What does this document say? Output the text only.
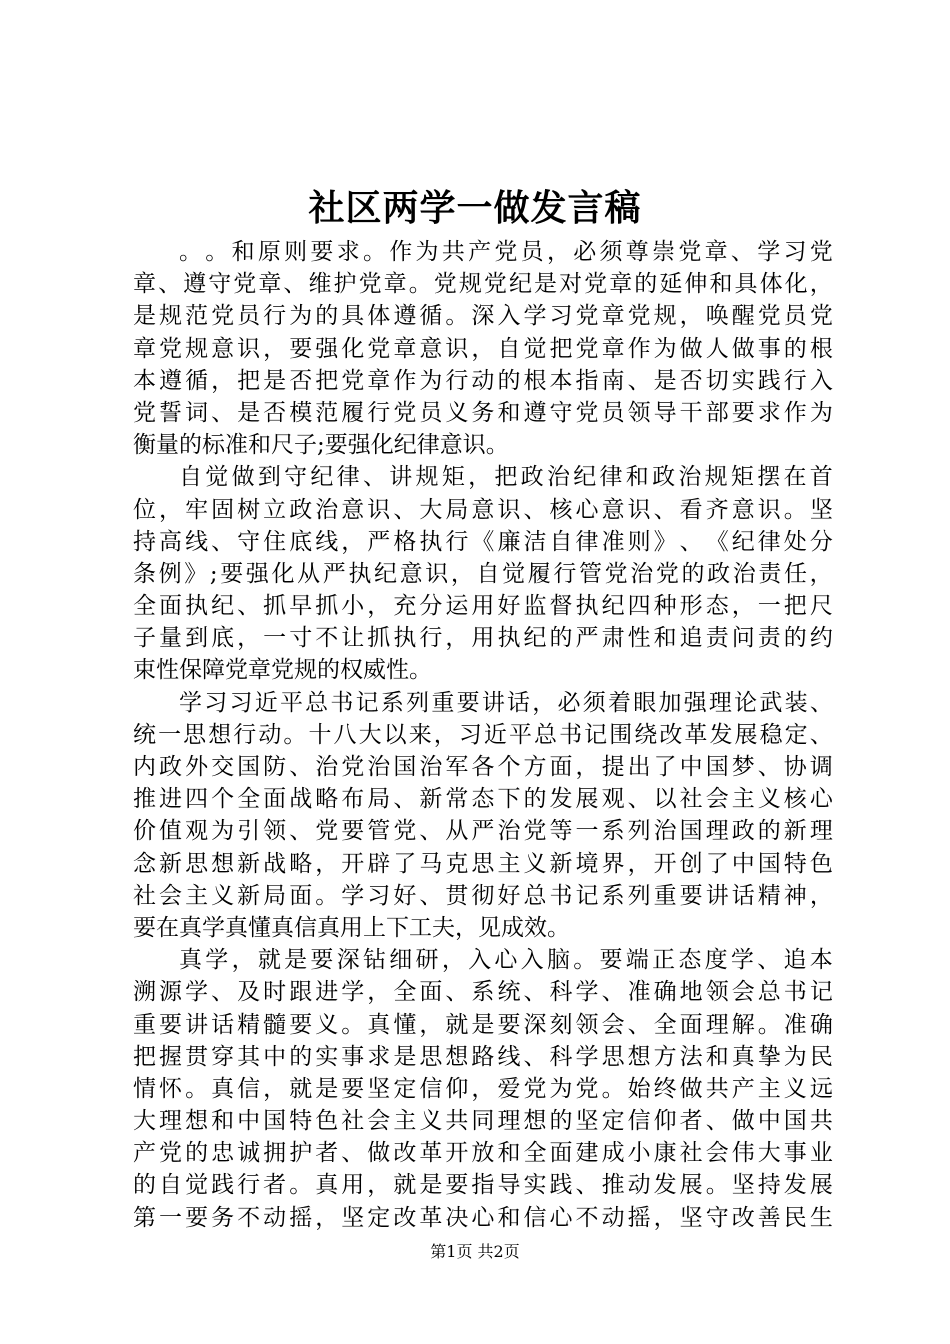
社区两学一做发言稿
。 。 和 原 则 要 求 。 作 为 共 产 党 员 ， 必 须 尊 崇 党 章 、 学 习 党
章 、 遵 守 党 章 、 维 护 党 章 。 党 规 党 纪 是 对 党 章 的 延 伸 和 具 体 化 ，
是 规 范 党 员 行 为 的 具 体 遵 循 。 深 入 学 习 党 章 党 规 ， 唤 醒 党 员 党
章 党 规 意 识 ， 要 强 化 党 章 意 识 ， 自 觉 把 党 章 作 为 做 人 做 事 的 根
本 遵 循 ， 把 是 否 把 党 章 作 为 行 动 的 根 本 指 南 、 是 否 切 实 践 行 入
党 誓 词 、 是 否 模 范 履 行 党 员 义 务 和 遵 守 党 员 领 导 干 部 要 求 作 为
衡 量 的 标 准 和 尺 子 ; 要 强 化 纪 律 意 识 。
自 觉 做 到 守 纪 律 、 讲 规 矩 ， 把 政 治 纪 律 和 政 治 规 矩 摆 在 首
位 ， 牢 固 树 立 政 治 意 识 、 大 局 意 识 、 核 心 意 识 、 看 齐 意 识 。 坚
持 高 线 、 守 住 底 线 ， 严 格 执 行 《 廉 洁 自 律 准 则 》 、 《 纪 律 处 分
条 例 》 ; 要 强 化 从 严 执 纪 意 识 ， 自 觉 履 行 管 党 治 党 的 政 治 责 任 ，
全 面 执 纪 、 抓 早 抓 小 ， 充 分 运 用 好 监 督 执 纪 四 种 形 态 ， 一 把 尺
子 量 到 底 ， 一 寸 不 让 抓 执 行 ， 用 执 纪 的 严 肃 性 和 追 责 问 责 的 约
束 性 保 障 党 章 党 规 的 权 威 性 。
学 习 习 近 平 总 书 记 系 列 重 要 讲 话 ， 必 须 着 眼 加 强 理 论 武 装 、
统 一 思 想 行 动 。 十 八 大 以 来 ， 习 近 平 总 书 记 围 绕 改 革 发 展 稳 定 、
内 政 外 交 国 防 、 治 党 治 国 治 军 各 个 方 面 ， 提 出 了 中 国 梦 、 协 调
推 进 四 个 全 面 战 略 布 局 、 新 常 态 下 的 发 展 观 、 以 社 会 主 义 核 心
价 值 观 为 引 领 、 党 要 管 党 、 从 严 治 党 等 一 系 列 治 国 理 政 的 新 理
念 新 思 想 新 战 略 ， 开 辟 了 马 克 思 主 义 新 境 界 ， 开 创 了 中 国 特 色
社 会 主 义 新 局 面 。 学 习 好 、 贯 彻 好 总 书 记 系 列 重 要 讲 话 精 神 ，
要 在 真 学 真 懂 真 信 真 用 上 下 工 夫 ， 见 成 效 。
真 学 ， 就 是 要 深 钻 细 研 ， 入 心 入 脑 。 要 端 正 态 度 学 、 追 本
溯 源 学 、 及 时 跟 进 学 ， 全 面 、 系 统 、 科 学 、 准 确 地 领 会 总 书 记
重 要 讲 话 精 髓 要 义 。 真 懂 ， 就 是 要 深 刻 领 会 、 全 面 理 解 。 准 确
把 握 贯 穿 其 中 的 实 事 求 是 思 想 路 线 、 科 学 思 想 方 法 和 真 挚 为 民
情 怀 。 真 信 ， 就 是 要 坚 定 信 仰 ， 爱 党 为 党 。 始 终 做 共 产 主 义 远
大 理 想 和 中 国 特 色 社 会 主 义 共 同 理 想 的 坚 定 信 仰 者 、 做 中 国 共
产 党 的 忠 诚 拥 护 者 、 做 改 革 开 放 和 全 面 建 成 小 康 社 会 伟 大 事 业
的 自 觉 践 行 者 。 真 用 ， 就 是 要 指 导 实 践 、 推 动 发 展 。 坚 持 发 展
第 一 要 务 不 动 摇 ， 坚 定 改 革 决 心 和 信 心 不 动 摇 ， 坚 守 改 善 民 生
第1页 共2页
